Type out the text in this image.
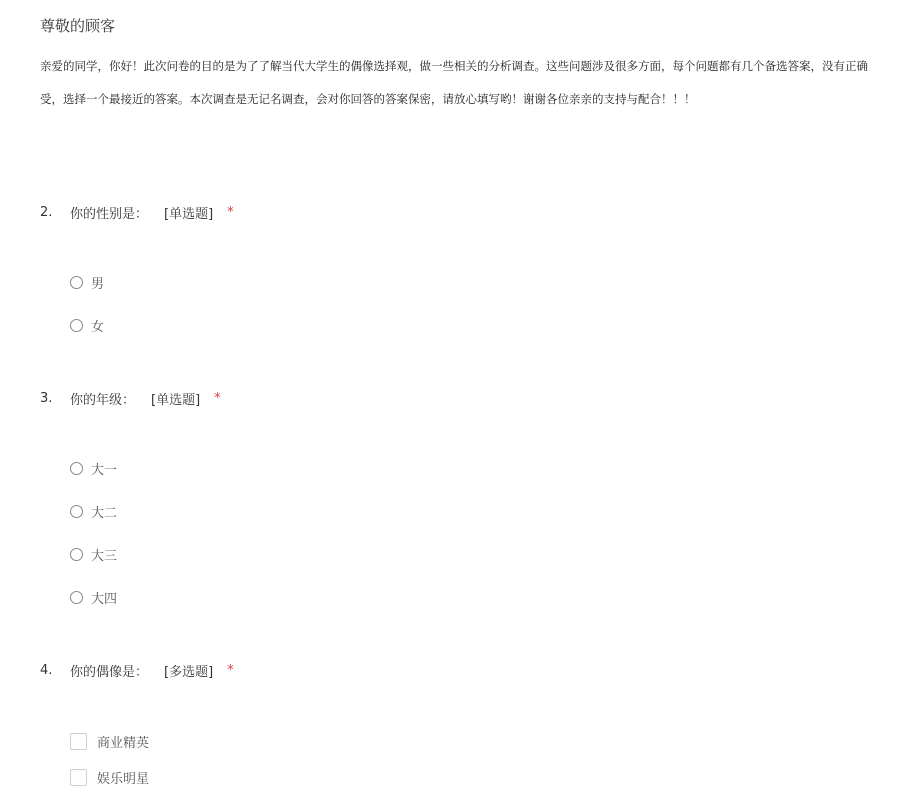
尊敬的顾客
亲爱的同学，你好！此次问卷的目的是为了了解当代大学生的偶像选择观，做一些相关的分析调查。这些问题涉及很多方面，每个问题都有几个备选答案，没有正确
受，选择一个最接近的答案。本次调查是无记名调查，会对你回答的答案保密，请放心填写哟！谢谢各位亲亲的支持与配合！！！
2.	你的性别是： [单选题] *
男
女
3.	你的年级： [单选题] *
大一
大二
大三
大四
4.	你的偶像是： [多选题] *
商业精英
娱乐明星
